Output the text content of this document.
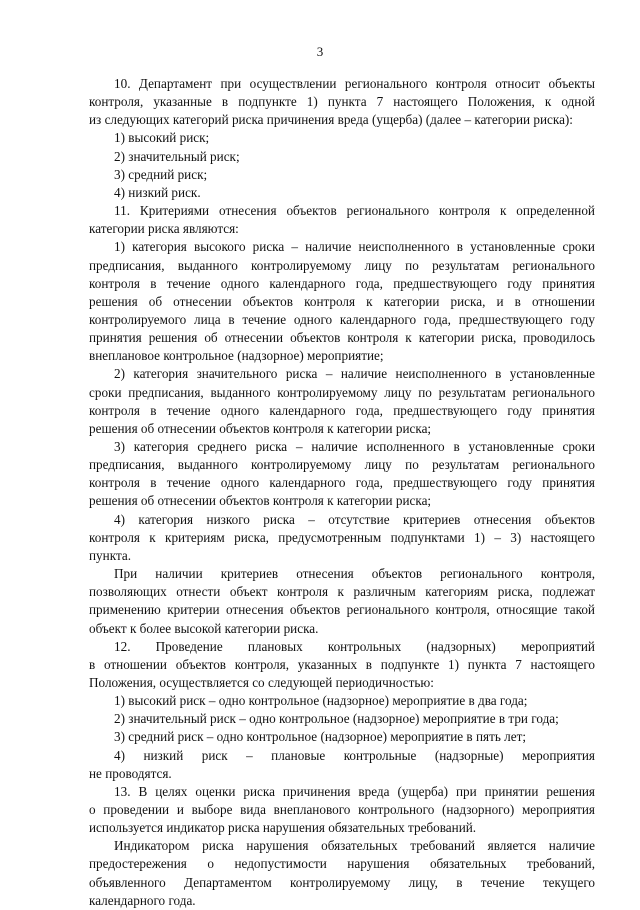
3
10. Департамент при осуществлении регионального контроля относит объекты
контроля, указанные в подпункте 1) пункта 7 настоящего Положения, к одной
из следующих категорий риска причинения вреда (ущерба) (далее – категории риска):
1) высокий риск;
2) значительный риск;
3) средний риск;
4) низкий риск.
11. Критериями отнесения объектов регионального контроля к определенной
категории риска являются:
1) категория высокого риска – наличие неисполненного в установленные сроки
предписания, выданного контролируемому лицу по результатам регионального
контроля в течение одного календарного года, предшествующего году принятия
решения об отнесении объектов контроля к категории риска, и в отношении
контролируемого лица в течение одного календарного года, предшествующего году
принятия решения об отнесении объектов контроля к категории риска, проводилось
внеплановое контрольное (надзорное) мероприятие;
2) категория значительного риска – наличие неисполненного в установленные
сроки предписания, выданного контролируемому лицу по результатам регионального
контроля в течение одного календарного года, предшествующего году принятия
решения об отнесении объектов контроля к категории риска;
3) категория среднего риска – наличие исполненного в установленные сроки
предписания, выданного контролируемому лицу по результатам регионального
контроля в течение одного календарного года, предшествующего году принятия
решения об отнесении объектов контроля к категории риска;
4) категория низкого риска – отсутствие критериев отнесения объектов
контроля к критериям риска, предусмотренным подпунктами 1) – 3) настоящего
пункта.
При наличии критериев отнесения объектов регионального контроля,
позволяющих отнести объект контроля к различным категориям риска, подлежат
применению критерии отнесения объектов регионального контроля, относящие такой
объект к более высокой категории риска.
12. Проведение плановых контрольных (надзорных) мероприятий
в отношении объектов контроля, указанных в подпункте 1) пункта 7 настоящего
Положения, осуществляется со следующей периодичностью:
1) высокий риск – одно контрольное (надзорное) мероприятие в два года;
2) значительный риск – одно контрольное (надзорное) мероприятие в три года;
3) средний риск – одно контрольное (надзорное) мероприятие в пять лет;
4) низкий риск – плановые контрольные (надзорные) мероприятия
не проводятся.
13. В целях оценки риска причинения вреда (ущерба) при принятии решения
о проведении и выборе вида внепланового контрольного (надзорного) мероприятия
используется индикатор риска нарушения обязательных требований.
Индикатором риска нарушения обязательных требований является наличие
предостережения о недопустимости нарушения обязательных требований,
объявленного Департаментом контролируемому лицу, в течение текущего
календарного года.
